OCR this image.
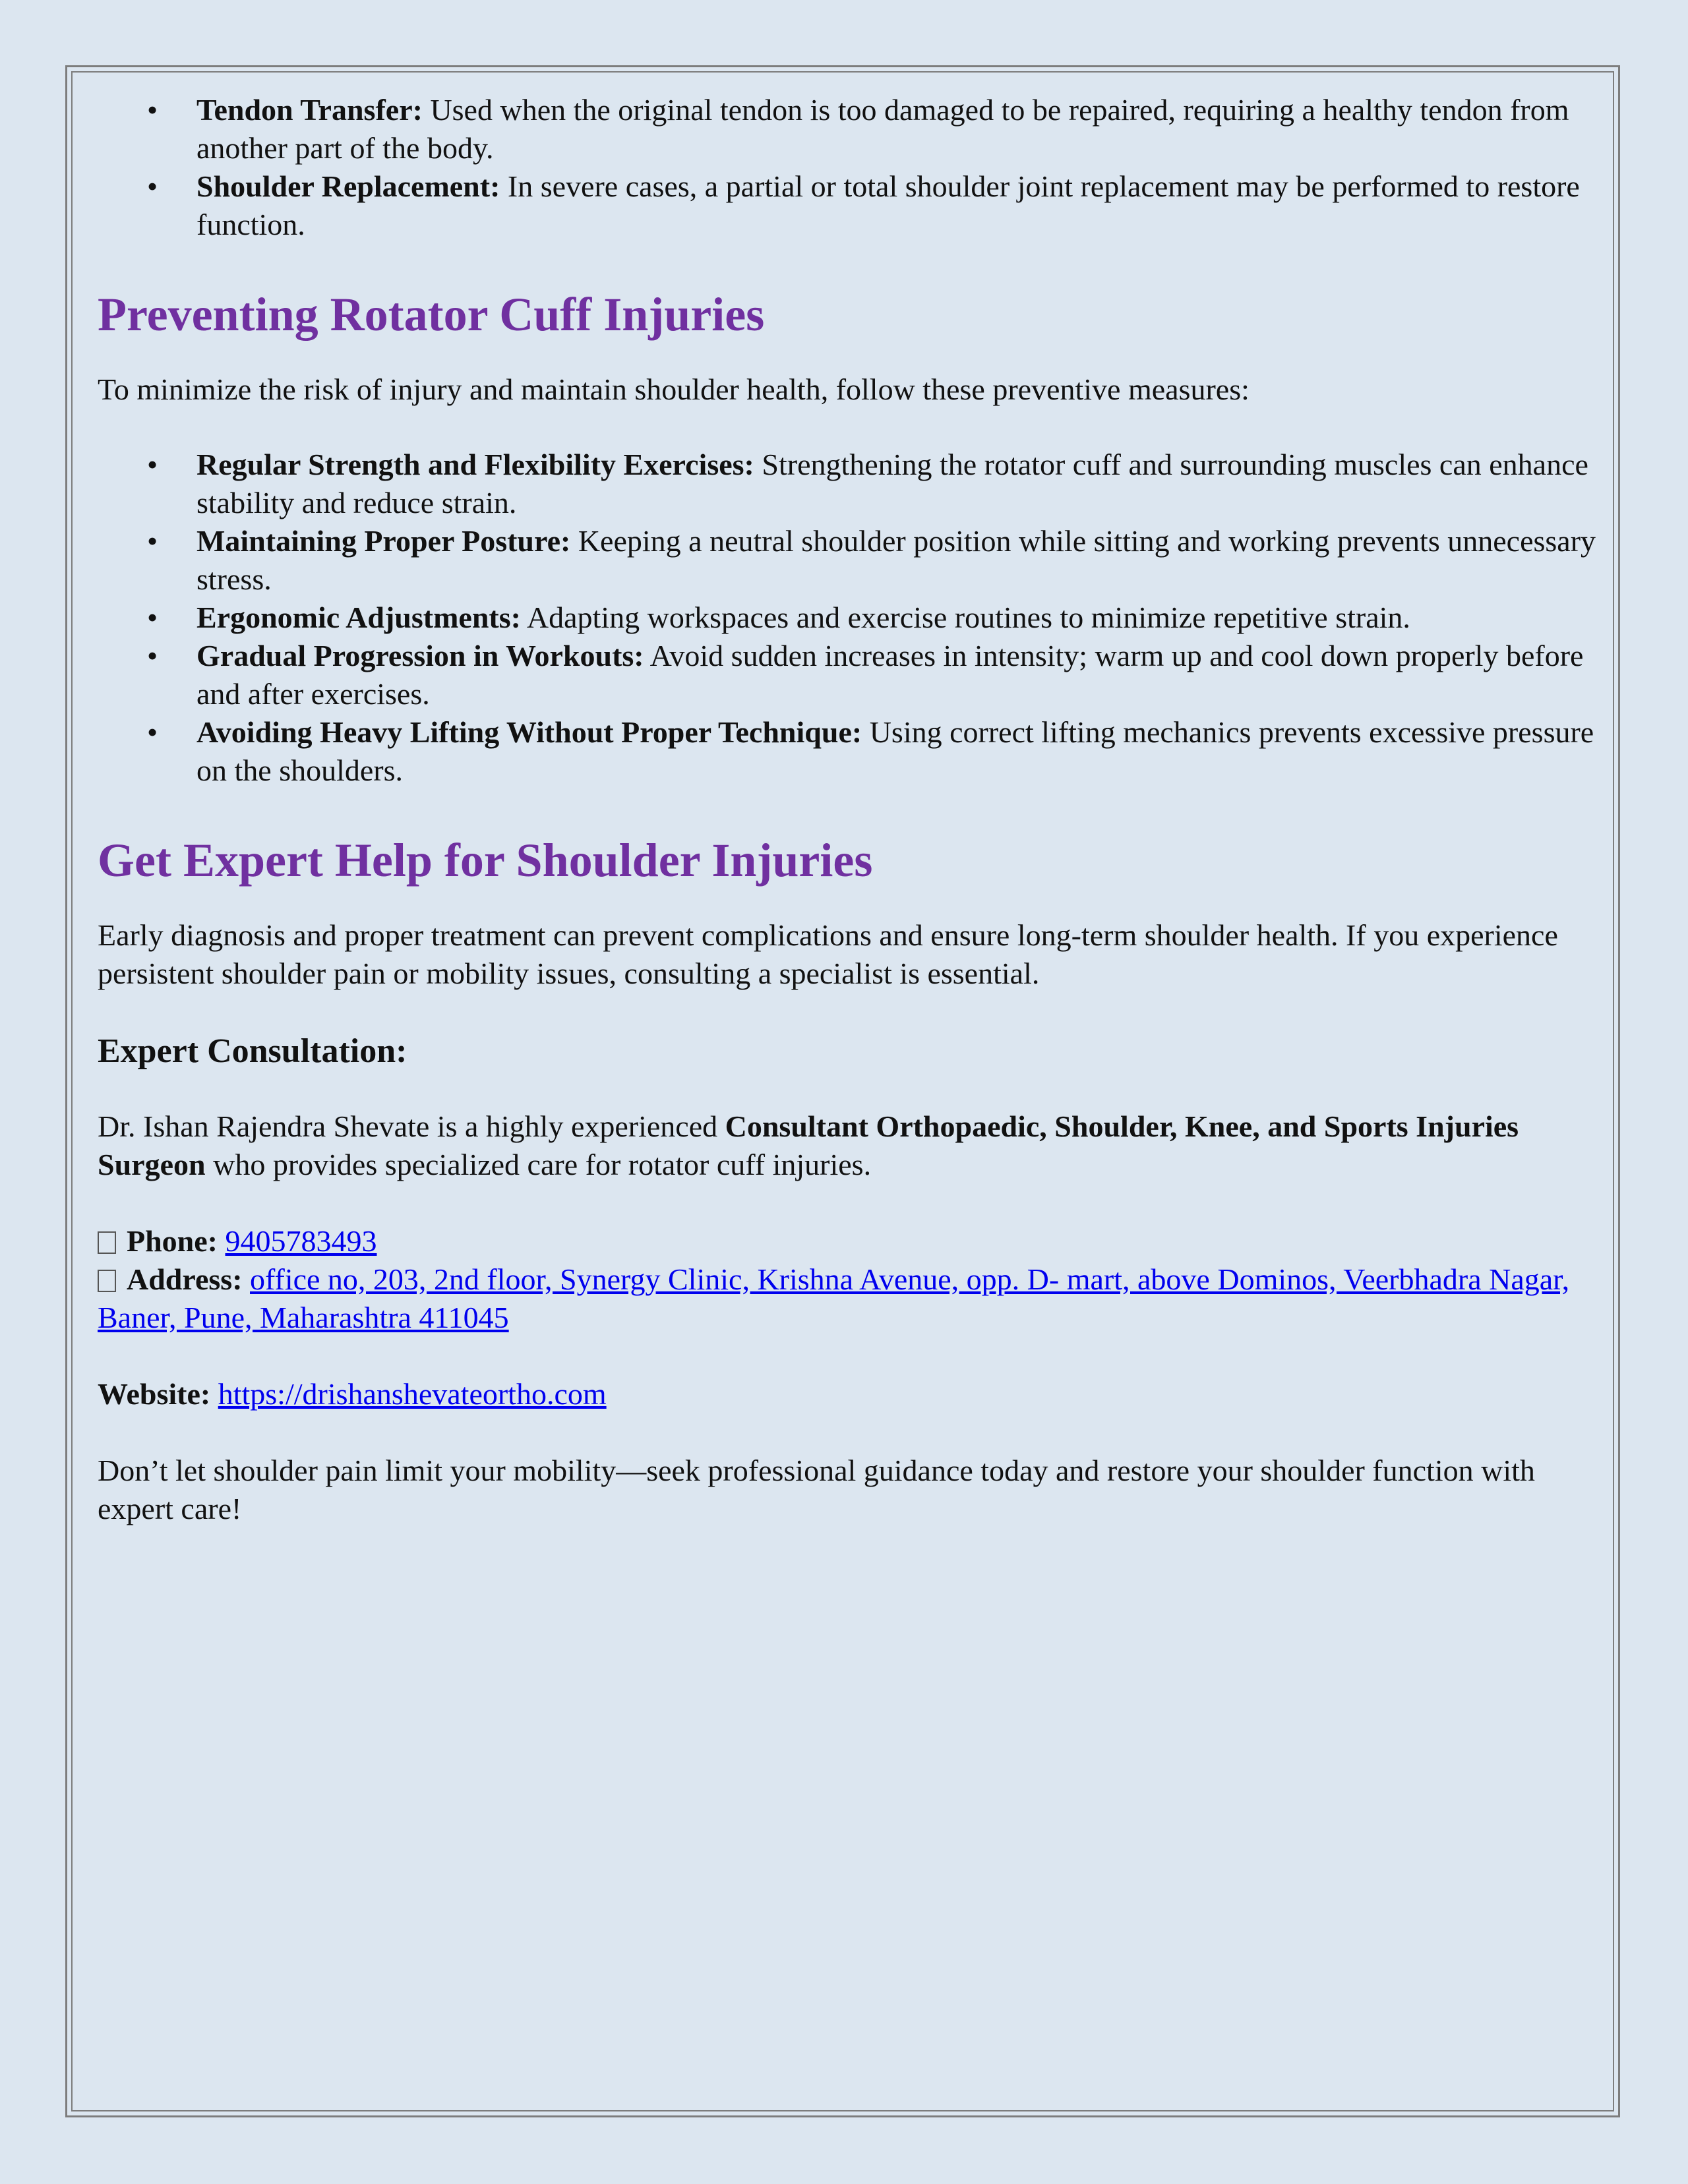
• Tendon Transfer: Used when the original tendon is too damaged to be repaired, requiring a healthy tendon from another part of the body.
• Shoulder Replacement: In severe cases, a partial or total shoulder joint replacement may be performed to restore function.
Preventing Rotator Cuff Injuries

To minimize the risk of injury and maintain shoulder health, follow these preventive measures:

• Regular Strength and Flexibility Exercises: Strengthening the rotator cuff and surrounding muscles can enhance stability and reduce strain.
• Maintaining Proper Posture: Keeping a neutral shoulder position while sitting and working prevents unnecessary stress.
• Ergonomic Adjustments: Adapting workspaces and exercise routines to minimize repetitive strain.
• Gradual Progression in Workouts: Avoid sudden increases in intensity; warm up and cool down properly before and after exercises.
• Avoiding Heavy Lifting Without Proper Technique: Using correct lifting mechanics prevents excessive pressure on the shoulders.
Get Expert Help for Shoulder Injuries

Early diagnosis and proper treatment can prevent complications and ensure long-term shoulder health. If you experience persistent shoulder pain or mobility issues, consulting a specialist is essential.

Expert Consultation:

Dr. Ishan Rajendra Shevate is a highly experienced Consultant Orthopaedic, Shoulder, Knee, and Sports Injuries Surgeon who provides specialized care for rotator cuff injuries.

Phone: 9405783493

Address: office no, 203, 2nd floor, Synergy Clinic, Krishna Avenue, opp. D- mart, above Dominos, Veerbhadra Nagar, Baner, Pune, Maharashtra 411045

Website: https://drishanshevateortho.com

Don’t let shoulder pain limit your mobility—seek professional guidance today and restore your shoulder function with expert care!
